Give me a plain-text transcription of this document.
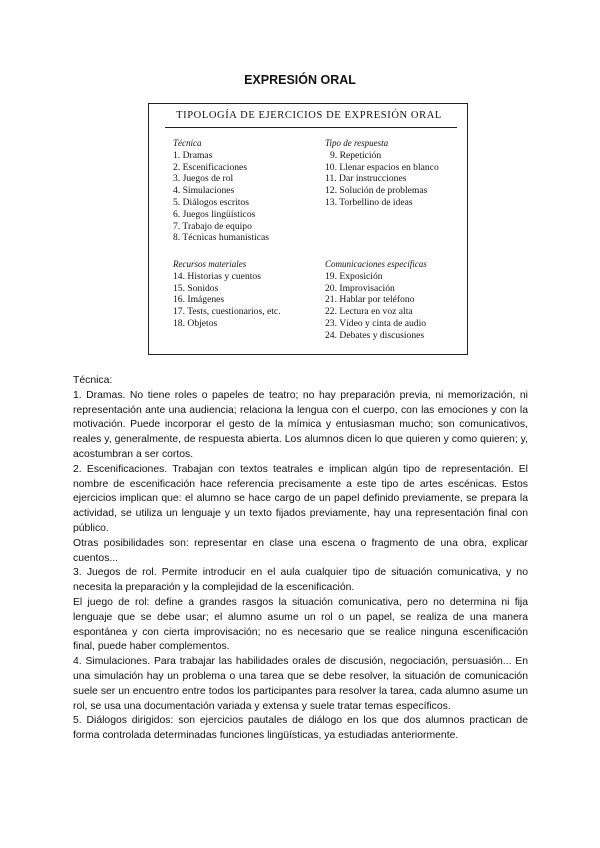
EXPRESIÓN ORAL
TIPOLOGÍA DE EJERCICIOS DE EXPRESIÓN ORAL
Técnica
1. Dramas
2. Escenificaciones
3. Juegos de rol
4. Simulaciones
5. Diálogos escritos
6. Juegos lingüísticos
7. Trabajo de equipo
8. Técnicas humanísticas
Tipo de respuesta
9. Repetición
10. Llenar espacios en blanco
11. Dar instrucciones
12. Solución de problemas
13. Torbellino de ideas
Recursos materiales
14. Historias y cuentos
15. Sonidos
16. Imágenes
17. Tests, cuestionarios, etc.
18. Objetos
Comunicaciones específicas
19. Exposición
20. Improvisación
21. Hablar por teléfono
22. Lectura en voz alta
23. Vídeo y cinta de audio
24. Debates y discusiones

Técnica:

1. Dramas. No tiene roles o papeles de teatro; no hay preparación previa, ni memorización, ni representación ante una audiencia; relaciona la lengua con el cuerpo, con las emociones y con la motivación. Puede incorporar el gesto de la mímica y entusiasman mucho; son comunicativos, reales y, generalmente, de respuesta abierta. Los alumnos dicen lo que quieren y como quieren; y, acostumbran a ser cortos.

2. Escenificaciones. Trabajan con textos teatrales e implican algún tipo de representación. El nombre de escenificación hace referencia precisamente a este tipo de artes escénicas. Estos ejercicios implican que: el alumno se hace cargo de un papel definido previamente, se prepara la actividad, se utiliza un lenguaje y un texto fijados previamente, hay una representación final con público.

Otras posibilidades son: representar en clase una escena o fragmento de una obra, explicar cuentos...

3. Juegos de rol. Permite introducir en el aula cualquier tipo de situación comunicativa, y no necesita la preparación y la complejidad de la escenificación.

El juego de rol: define a grandes rasgos la situación comunicativa, pero no determina ni fija lenguaje que se debe usar; el alumno asume un rol o un papel, se realiza de una manera espontánea y con cierta improvisación; no es necesario que se realice ninguna escenificación final, puede haber complementos.

4. Simulaciones. Para trabajar las habilidades orales de discusión, negociación, persuasión... En una simulación hay un problema o una tarea que se debe resolver, la situación de comunicación suele ser un encuentro entre todos los participantes para resolver la tarea, cada alumno asume un rol, se usa una documentación variada y extensa y suele tratar temas específicos.

5. Diálogos dirigidos: son ejercicios pautales de diálogo en los que dos alumnos practican de forma controlada determinadas funciones lingüísticas, ya estudiadas anteriormente.
